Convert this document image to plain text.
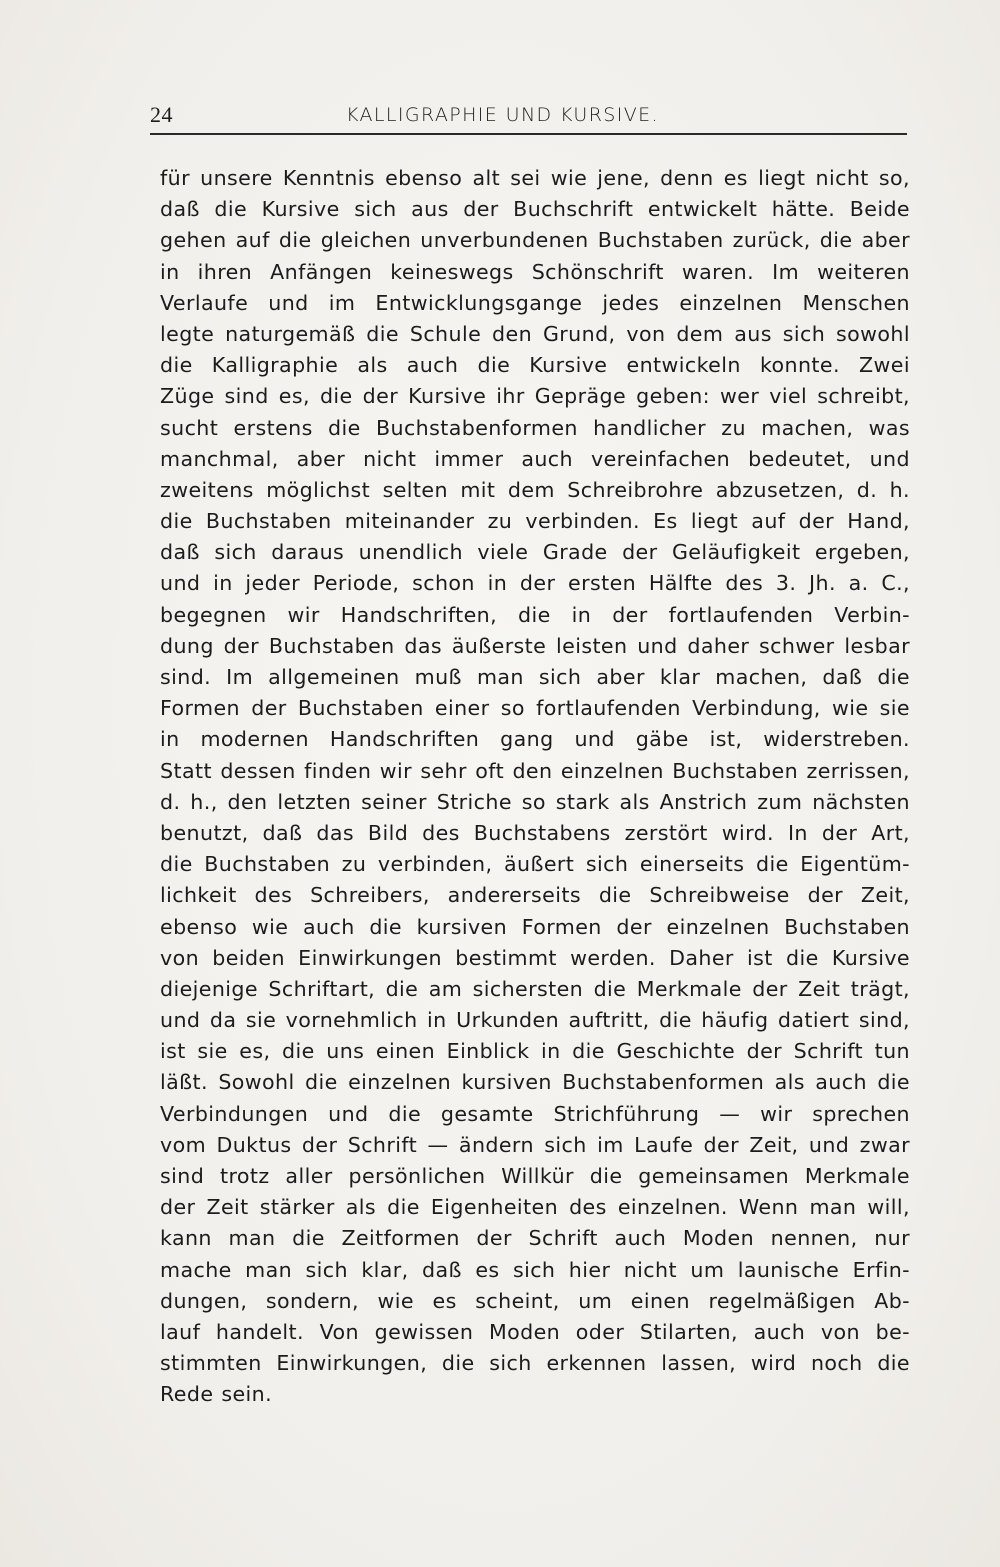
24	KALLIGRAPHIE UND KURSIVE.
für unsere Kenntnis ebenso alt sei wie jene, denn es liegt nicht so,
daß die Kursive sich aus der Buchschrift entwickelt hätte. Beide
gehen auf die gleichen unverbundenen Buchstaben zurück, die aber
in ihren Anfängen keineswegs Schönschrift waren. Im weiteren
Verlaufe und im Entwicklungsgange jedes einzelnen Menschen
legte naturgemäß die Schule den Grund, von dem aus sich sowohl
die Kalligraphie als auch die Kursive entwickeln konnte. Zwei
Züge sind es, die der Kursive ihr Gepräge geben: wer viel schreibt,
sucht erstens die Buchstabenformen handlicher zu machen, was
manchmal, aber nicht immer auch vereinfachen bedeutet, und
zweitens möglichst selten mit dem Schreibrohre abzusetzen, d. h.
die Buchstaben miteinander zu verbinden. Es liegt auf der Hand,
daß sich daraus unendlich viele Grade der Geläufigkeit ergeben,
und in jeder Periode, schon in der ersten Hälfte des 3. Jh. a. C.,
begegnen wir Handschriften, die in der fortlaufenden Verbin-
dung der Buchstaben das äußerste leisten und daher schwer lesbar
sind. Im allgemeinen muß man sich aber klar machen, daß die
Formen der Buchstaben einer so fortlaufenden Verbindung, wie sie
in modernen Handschriften gang und gäbe ist, widerstreben.
Statt dessen finden wir sehr oft den einzelnen Buchstaben zerrissen,
d. h., den letzten seiner Striche so stark als Anstrich zum nächsten
benutzt, daß das Bild des Buchstabens zerstört wird. In der Art,
die Buchstaben zu verbinden, äußert sich einerseits die Eigentüm-
lichkeit des Schreibers, andererseits die Schreibweise der Zeit,
ebenso wie auch die kursiven Formen der einzelnen Buchstaben
von beiden Einwirkungen bestimmt werden. Daher ist die Kursive
diejenige Schriftart, die am sichersten die Merkmale der Zeit trägt,
und da sie vornehmlich in Urkunden auftritt, die häufig datiert sind,
ist sie es, die uns einen Einblick in die Geschichte der Schrift tun
läßt. Sowohl die einzelnen kursiven Buchstabenformen als auch die
Verbindungen und die gesamte Strichführung — wir sprechen
vom Duktus der Schrift — ändern sich im Laufe der Zeit, und zwar
sind trotz aller persönlichen Willkür die gemeinsamen Merkmale
der Zeit stärker als die Eigenheiten des einzelnen. Wenn man will,
kann man die Zeitformen der Schrift auch Moden nennen, nur
mache man sich klar, daß es sich hier nicht um launische Erfin-
dungen, sondern, wie es scheint, um einen regelmäßigen Ab-
lauf handelt. Von gewissen Moden oder Stilarten, auch von be-
stimmten Einwirkungen, die sich erkennen lassen, wird noch die
Rede sein.
